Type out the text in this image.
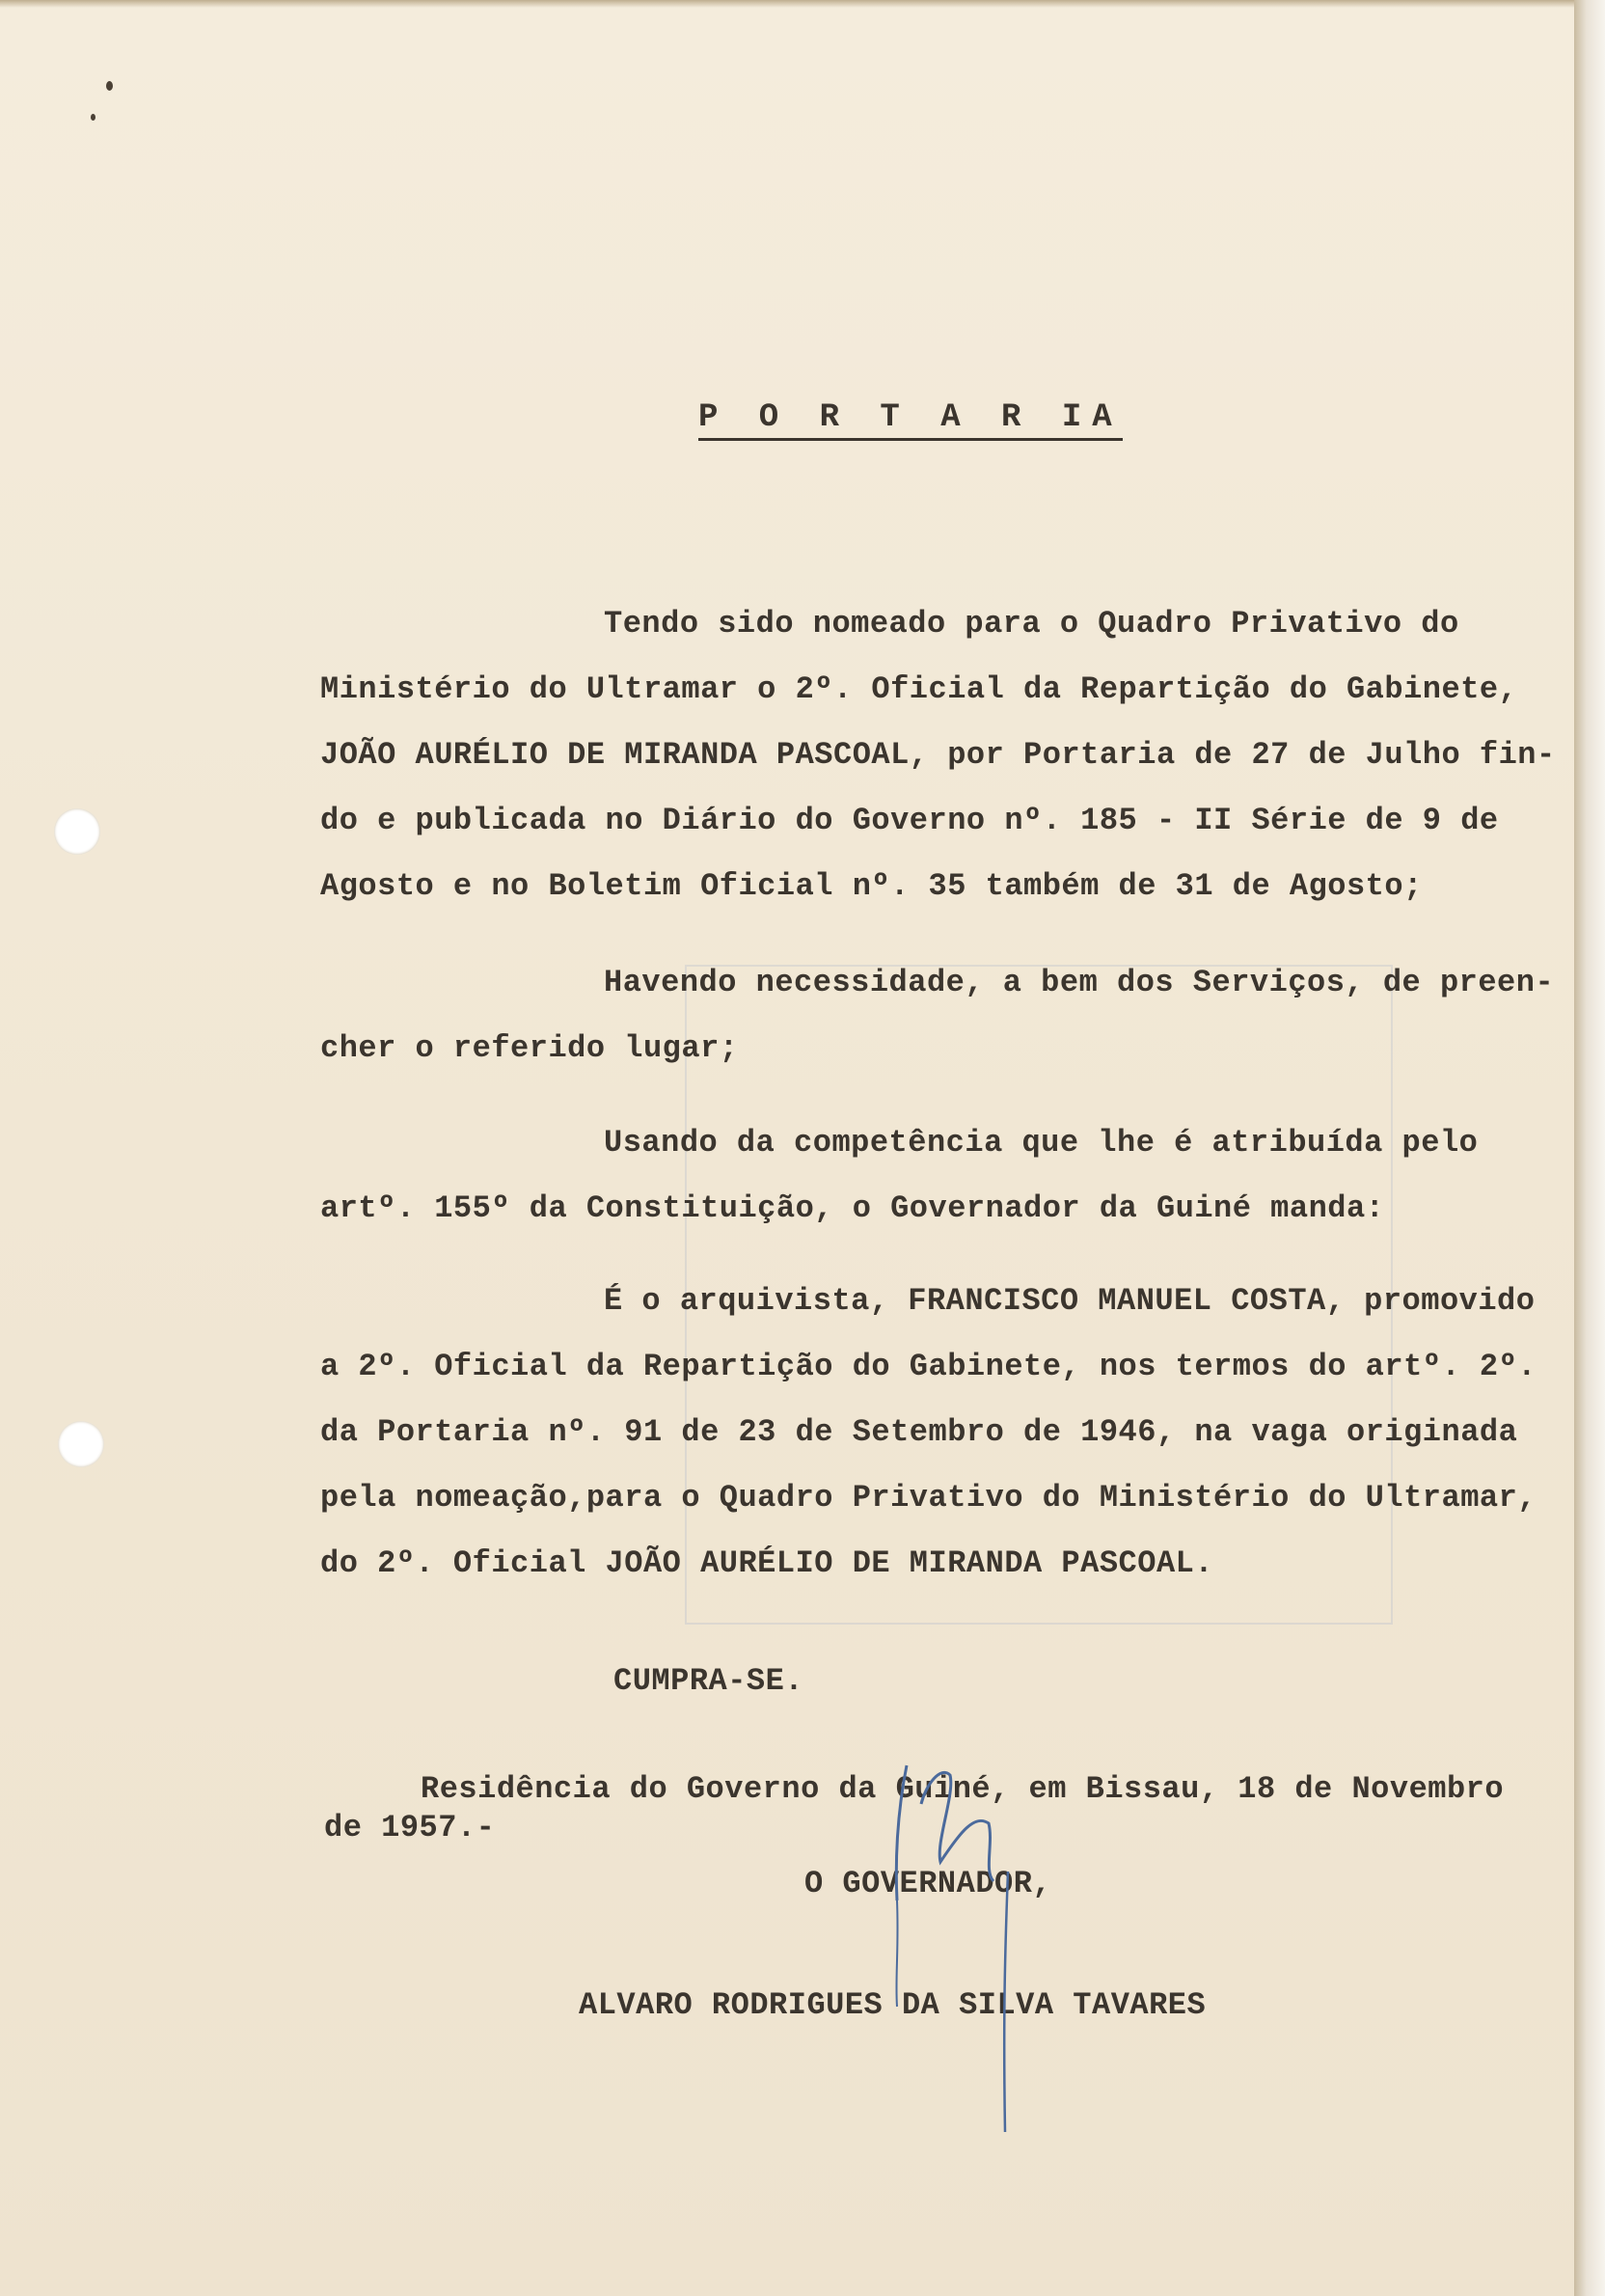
P O R T A R IA

Tendo sido nomeado para o Quadro Privativo do

Ministério do Ultramar o 2º. Oficial da Repartição do Gabinete,

JOÃO AURÉLIO DE MIRANDA PASCOAL, por Portaria de 27 de Julho fin-

do e publicada no Diário do Governo nº. 185 - II Série de 9 de

Agosto e no Boletim Oficial nº. 35 também de 31 de Agosto;

Havendo necessidade, a bem dos Serviços, de preen-

cher o referido lugar;

Usando da competência que lhe é atribuída pelo

artº. 155º da Constituição, o Governador da Guiné manda:

É o arquivista, FRANCISCO MANUEL COSTA, promovido

a 2º. Oficial da Repartição do Gabinete, nos termos do artº. 2º.

da Portaria nº. 91 de 23 de Setembro de 1946, na vaga originada

pela nomeação,para o Quadro Privativo do Ministério do Ultramar,

do 2º. Oficial JOÃO AURÉLIO DE MIRANDA PASCOAL.

CUMPRA-SE.

Residência do Governo da Guiné, em Bissau, 18 de Novembro

de 1957.-

O GOVERNADOR,

ALVARO RODRIGUES DA SILVA TAVARES
